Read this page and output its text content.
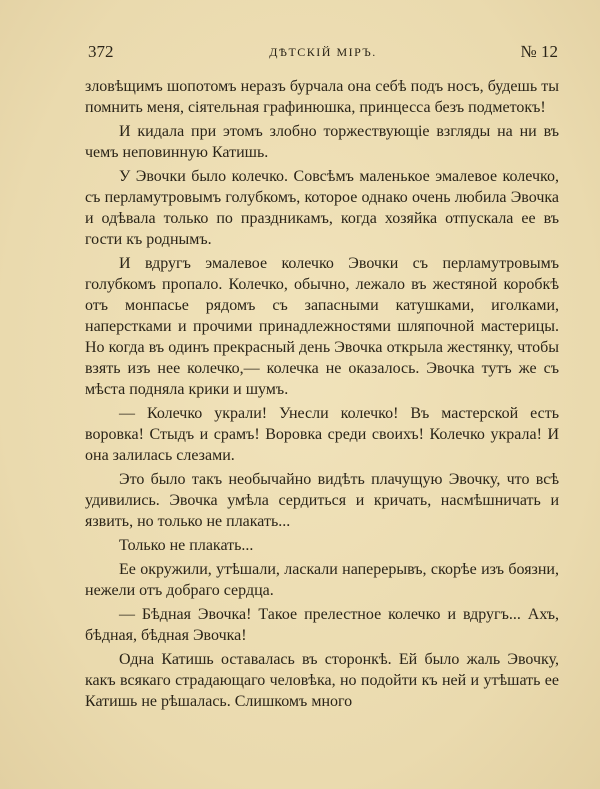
372	ДѢТСКІЙ МІРЪ.	№ 12

зловѣщимъ шопотомъ неразъ бурчала она себѣ подъ носъ, будешь ты помнить меня, сіятельная графинюшка, принцесса безъ подметокъ!

И кидала при этомъ злобно торжествующіе взгляды на ни въ чемъ неповинную Катишь.

У Эвочки было колечко. Совсѣмъ маленькое эмалевое колечко, съ перламутровымъ голубкомъ, которое однако очень любила Эвочка и одѣвала только по праздникамъ, когда хозяйка отпускала ее въ гости къ роднымъ.

И вдругъ эмалевое колечко Эвочки съ перламутровымъ голубкомъ пропало. Колечко, обычно, лежало въ жестяной коробкѣ отъ монпасье рядомъ съ запасными катушками, иголками, наперстками и прочими принадлежностями шляпочной мастерицы. Но когда въ одинъ прекрасный день Эвочка открыла жестянку, чтобы взять изъ нее колечко,— колечка не оказалось. Эвочка тутъ же съ мѣста подняла крики и шумъ.

— Колечко украли! Унесли колечко! Въ мастерской есть воровка! Стыдъ и срамъ! Воровка среди своихъ! Колечко украла! И она залилась слезами.

Это было такъ необычайно видѣть плачущую Эвочку, что всѣ удивились. Эвочка умѣла сердиться и кричать, насмѣшничать и язвить, но только не плакать...

Только не плакать...

Ее окружили, утѣшали, ласкали наперерывъ, скорѣе изъ боязни, нежели отъ добраго сердца.

— Бѣдная Эвочка! Такое прелестное колечко и вдругъ... Ахъ, бѣдная, бѣдная Эвочка!

Одна Катишь оставалась въ сторонкѣ. Ей было жаль Эвочку, какъ всякаго страдающаго человѣка, но подойти къ ней и утѣшать ее Катишь не рѣшалась. Слишкомъ много
